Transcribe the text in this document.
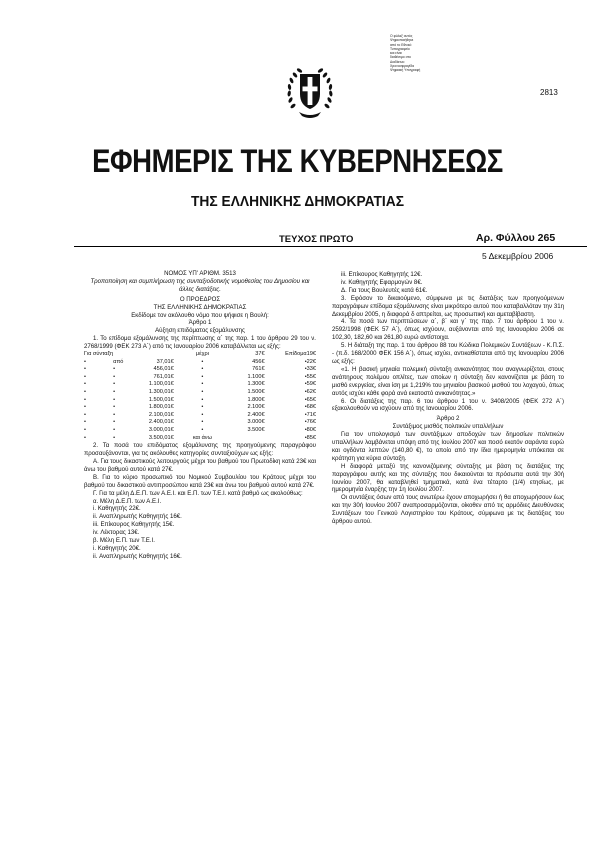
Ο φύλαξ αυτός
Ψηφιοποιήθηκε
από το Εθνικό
Τυπογραφείο
και είναι
διαθέσιμο στο
Διαδίκτυο
Χρονοσφραγίδα
Ψηφιακή Υπογραφή
2813
ΕΦΗΜΕΡΙΣ ΤΗΣ ΚΥΒΕΡΝΗΣΕΩΣ
ΤΗΣ ΕΛΛΗΝΙΚΗΣ ΔΗΜΟΚΡΑΤΙΑΣ
ΤΕΥΧΟΣ ΠΡΩΤΟ	Αρ. Φύλλου 265
5 Δεκεμβρίου 2006

ΝΟΜΟΣ ΥΠ' ΑΡΙΘΜ. 3513

Τροποποίηση και συμπλήρωση της συνταξιοδοτικής νομοθεσίας του Δημοσίου και άλλες διατάξεις.

Ο ΠΡΟΕΔΡΟΣ

ΤΗΣ ΕΛΛΗΝΙΚΗΣ ΔΗΜΟΚΡΑΤΙΑΣ

Εκδίδομε τον ακόλουθο νόμο που ψήφισε η Βουλή:

Άρθρο 1

Αύξηση επιδόματος εξομάλυνσης

1. Το επίδομα εξομάλυνσης της περίπτωσης α΄ της παρ. 1 του άρθρου 29 του ν. 2768/1999 (ΦΕΚ 273 Α΄) από τις Ιανουαρίου 2006 καταβάλλεται ως εξής:

Για σύνταξη			μέχρι	37€	Επίδομα	19€
•	από	37,01€	•	456€	•	22€
•	•	456,01€	•	761€	•	33€
•	•	761,01€	•	1.100€	•	55€
•	•	1.100,01€	•	1.300€	•	59€
•	•	1.300,01€	•	1.500€	•	62€
•	•	1.500,01€	•	1.800€	•	65€
•	•	1.800,01€	•	2.100€	•	68€
•	•	2.100,01€	•	2.400€	•	71€
•	•	2.400,01€	•	3.000€	•	76€
•	•	3.000,01€	•	3.500€	•	80€
•	•	3.500,01€	και άνω		•	85€

2. Τα ποσά του επιδόματος εξομάλυνσης της προηγούμενης παραγράφου προσαυξάνονται, για τις ακόλουθες κατηγορίες συνταξιούχων ως εξής:

Α. Για τους δικαστικούς λειτουργούς μέχρι του βαθμού του Πρωτοδίκη κατά 23€ και άνω του βαθμού αυτού κατά 27€.

Β. Για το κύριο προσωπικό του Νομικού Συμβουλίου του Κράτους μέχρι του βαθμού του δικαστικού αντιπροσώπου κατά 23€ και άνω του βαθμού αυτού κατά 27€.

Γ. Για τα μέλη Δ.Ε.Π. των Α.Ε.Ι. και Ε.Π. των Τ.Ε.Ι. κατά βαθμό ως ακολούθως:

α. Μέλη Δ.Ε.Π. των Α.Ε.Ι.

i. Καθηγητής 22€.

ii. Αναπληρωτής Καθηγητής 16€.

iii. Επίκουρος Καθηγητής 15€.

iv. Λέκτορας 13€.

β. Μέλη Ε.Π. των Τ.Ε.Ι.

i. Καθηγητής 20€.

ii. Αναπληρωτής Καθηγητής 16€.

iii. Επίκουρος Καθηγητής 12€.

iv. Καθηγητής Εφαρμογών 8€.

Δ. Για τους Βουλευτές κατά 61€.

3. Εφόσον το δικαιούμενο, σύμφωνα με τις διατάξεις των προηγούμενων παραγράφων επίδομα εξομάλυνσης είναι μικρότερο αυτού που καταβαλλόταν την 31η Δεκεμβρίου 2005, η διαφορά δ απτρείται, ως προσωπική και αμεταβίβαστη.

4. Τα ποσά των περιπτώσεων α΄, β΄ και γ΄ της παρ. 7 του άρθρου 1 του ν. 2592/1998 (ΦΕΚ 57 Α΄), όπως ισχύουν, αυξάνονται από της Ιανουαρίου 2006 σε 102,30, 182,60 και 261,80 ευρώ αντίστοιχα.

5. Η διάταξη της παρ. 1 του άρθρου 88 του Κώδικα Πολεμικών Συντάξεων - Κ.Π.Σ. - (π.δ. 168/2000 ΦΕΚ 156 Α΄), όπως ισχύει, αντικαθίσταται από της Ιανουαρίου 2006 ως εξής:

«1. Η βασική μηνιαία πολεμική σύνταξη ανικανότητας που αναγνωρίζεται, στους ανάπηρους πολέμου οπλίτες, των οποίων η σύνταξη δεν κανονίζεται με βάση το μισθό ενεργείας, είναι ίση με 1,219% του μηνιαίου βασικού μισθού του λοχαγού, όπως αυτός ισχύει κάθε φορά ανά εκατοστό ανικανότητας.»

6. Οι διατάξεις της παρ. 6 του άρθρου 1 του ν. 3408/2005 (ΦΕΚ 272 Α΄) εξακολουθούν να ισχύουν από της Ιανουαρίου 2006.

Άρθρο 2

Συντάξιμος μισθός πολιτικών υπαλλήλων

Για τον υπολογισμό των συντάξιμων αποδοχών των δημοσίων πολιτικών υπαλλήλων λαμβάνεται υπόψη από της Ιουλίου 2007 και ποσό εκατόν σαράντα ευρώ και ογδόντα λεπτών (140,80 €), το οποίο από την ίδια ημερομηνία υπόκειται σε κράτηση για κύρια σύνταξη.

Η διαφορά μεταξύ της κανονιζόμενης σύνταξης με βάση τις διατάξεις της παραγράφου αυτής και της σύνταξης που δικαιούνται τα πρόσωπα αυτά την 30ή Ιουνίου 2007, θα καταβληθεί τμηματικά, κατά ένα τέταρτο (1/4) ετησίως, με ημερομηνία έναρξης την 1η Ιουλίου 2007.

Οι συντάξεις όσων από τους ανωτέρω έχουν αποχωρήσει ή θα αποχωρήσουν έως και την 30ή Ιουνίου 2007 αναπροσαρμόζονται, οίκοθεν από τις αρμόδιες Διευθύνσεις Συντάξεων του Γενικού Λογιστηρίου του Κράτους, σύμφωνα με τις διατάξεις του άρθρου αυτού.
